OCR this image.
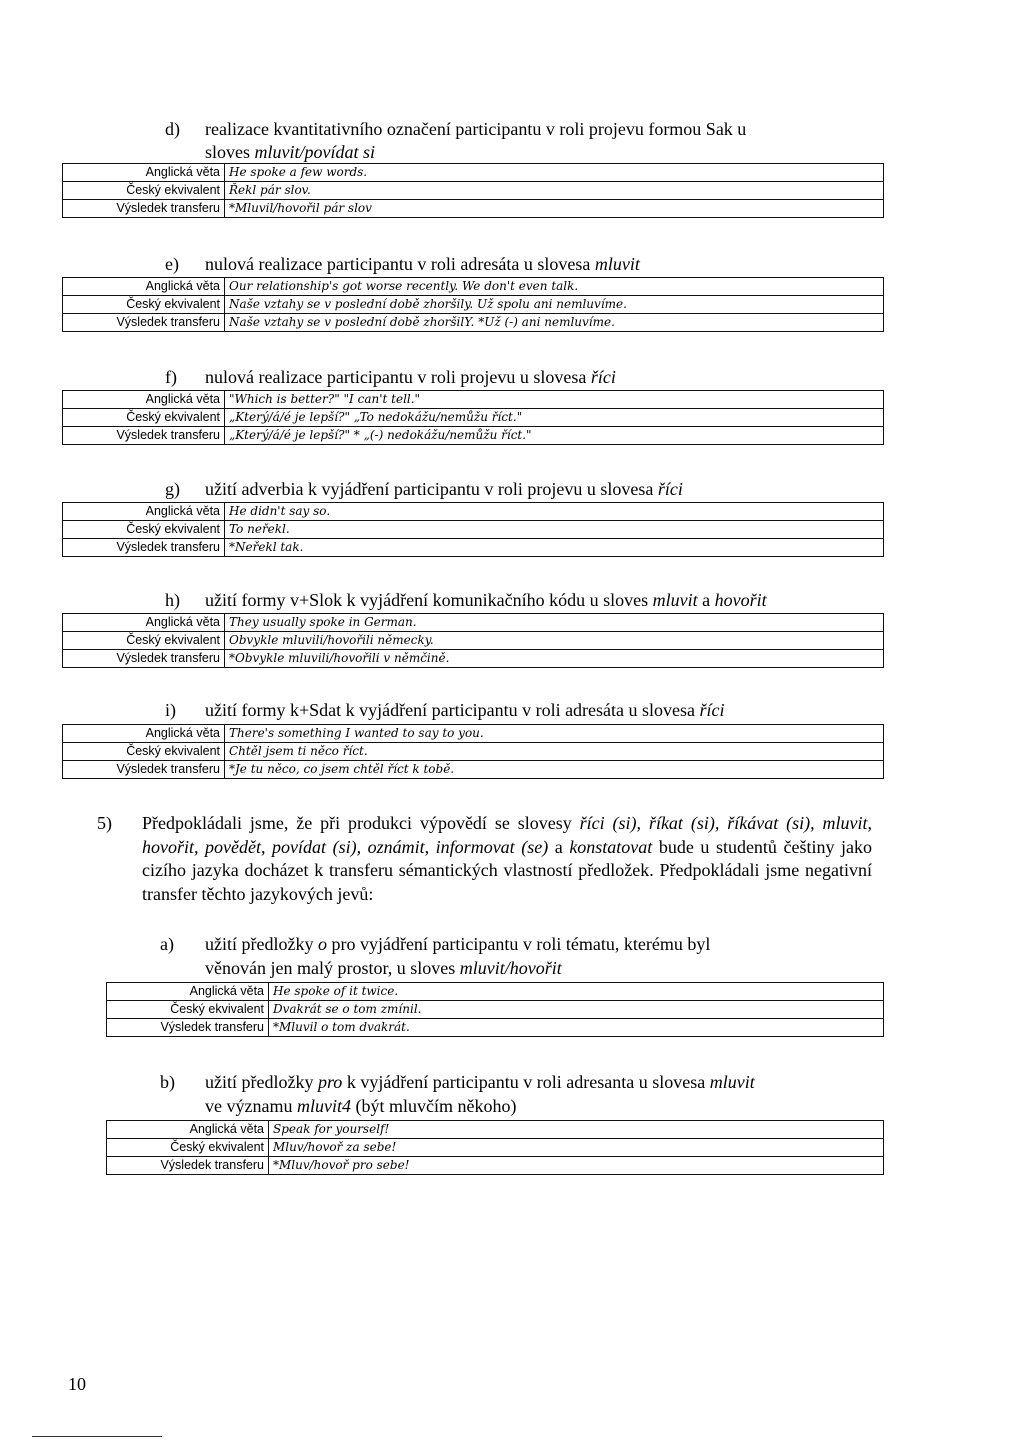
d) realizace kvantitativního označení participantu v roli projevu formou Sak u
sloves mluvit/povídat si
Anglická věta	He spoke a few words.
Český ekvivalent	Řekl pár slov.
Výsledek transferu	*Mluvil/hovořil pár slov
e) nulová realizace participantu v roli adresáta u slovesa mluvit
Anglická věta	Our relationship's got worse recently. We don't even talk.
Český ekvivalent	Naše vztahy se v poslední době zhoršily. Už spolu ani nemluvíme.
Výsledek transferu	Naše vztahy se v poslední době zhoršilY. *Už (-) ani nemluvíme.
f) nulová realizace participantu v roli projevu u slovesa říci
Anglická věta	"Which is better?" "I can't tell."
Český ekvivalent	„Který/á/é je lepší?" „To nedokážu/nemůžu říct."
Výsledek transferu	„Který/á/é je lepší?" * „(-) nedokážu/nemůžu říct."
g) užití adverbia k vyjádření participantu v roli projevu u slovesa říci
Anglická věta	He didn't say so.
Český ekvivalent	To neřekl.
Výsledek transferu	*Neřekl tak.
h) užití formy v+Slok k vyjádření komunikačního kódu u sloves mluvit a hovořit
Anglická věta	They usually spoke in German.
Český ekvivalent	Obvykle mluvili/hovořili německy.
Výsledek transferu	*Obvykle mluvili/hovořili v němčině.
i) užití formy k+Sdat k vyjádření participantu v roli adresáta u slovesa říci
Anglická věta	There's something I wanted to say to you.
Český ekvivalent	Chtěl jsem ti něco říct.
Výsledek transferu	*Je tu něco, co jsem chtěl říct k tobě.
5) Předpokládali jsme, že při produkci výpovědí se slovesy říci (si), říkat (si), říkávat (si), mluvit, hovořit, povědět, povídat (si), oznámit, informovat (se) a konstatovat bude u studentů češtiny jako cizího jazyka docházet k transferu sémantických vlastností předložek. Předpokládali jsme negativní transfer těchto jazykových jevů:
a) užití předložky o pro vyjádření participantu v roli tématu, kterému byl
věnován jen malý prostor, u sloves mluvit/hovořit
Anglická věta	He spoke of it twice.
Český ekvivalent	Dvakrát se o tom zmínil.
Výsledek transferu	*Mluvil o tom dvakrát.
b) užití předložky pro k vyjádření participantu v roli adresanta u slovesa mluvit
ve významu mluvit4 (být mluvčím někoho)
Anglická věta	Speak for yourself!
Český ekvivalent	Mluv/hovoř za sebe!
Výsledek transferu	*Mluv/hovoř pro sebe!
10
